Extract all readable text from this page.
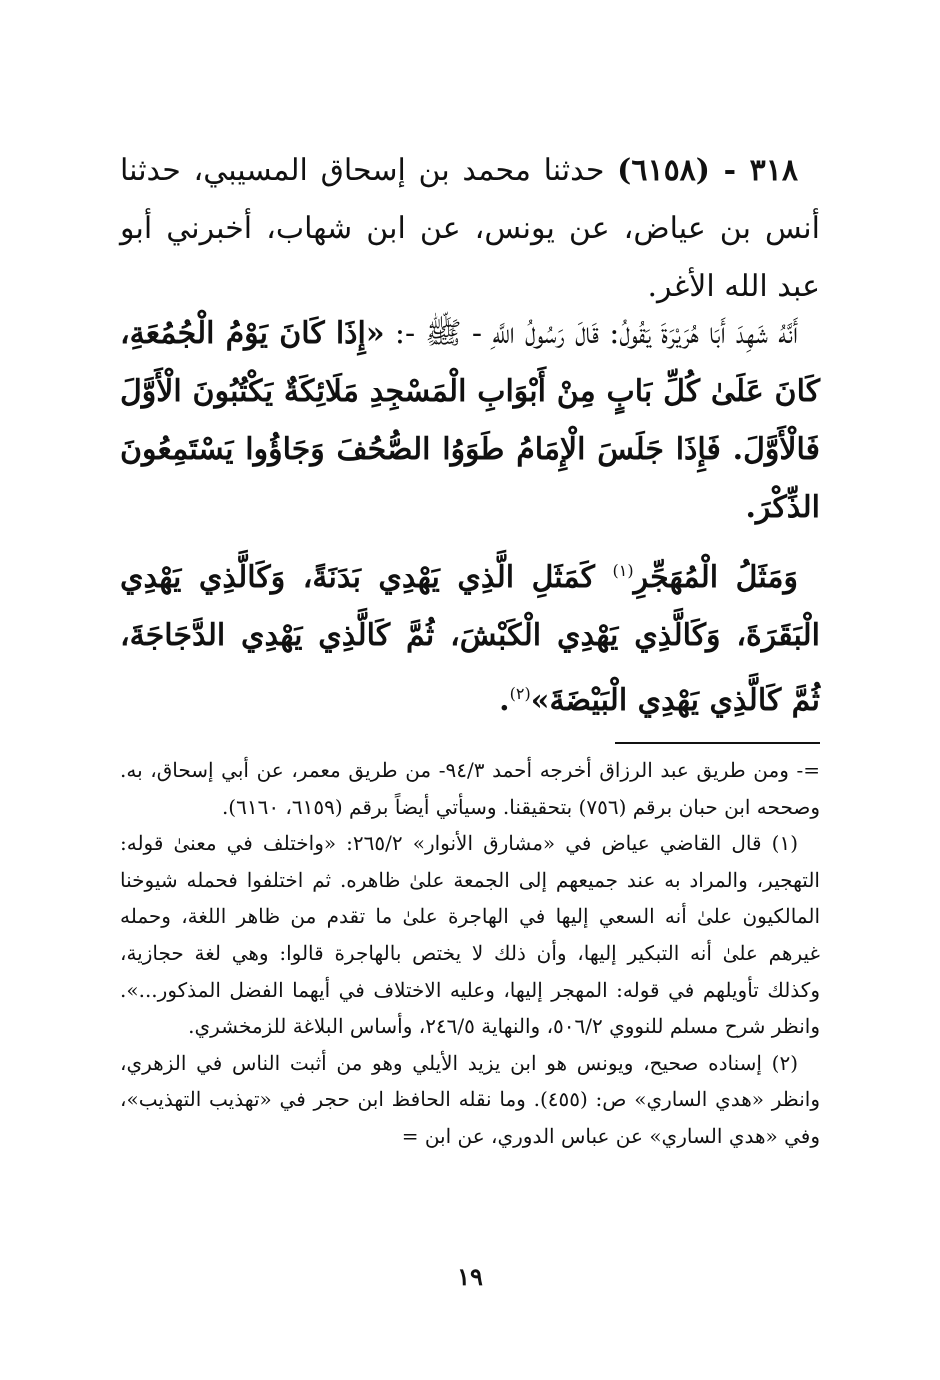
٣١٨ - (٦١٥٨) حدثنا محمد بن إسحاق المسيبي، حدثنا أنس بن عياض، عن يونس، عن ابن شهاب، أخبرني أبو عبد الله الأغر.

أَنَّهُ شَهِدَ أَبَا هُرَيْرَةَ يَقُولُ: قَالَ رَسُولُ اللَّهِ - ﷺ -: «إِذَا كَانَ يَوْمُ الْجُمُعَةِ، كَانَ عَلَىٰ كُلِّ بَابٍ مِنْ أَبْوَابِ الْمَسْجِدِ مَلَائِكَةٌ يَكْتُبُونَ الْأَوَّلَ فَالْأَوَّلَ. فَإِذَا جَلَسَ الْإِمَامُ طَوَوُا الصُّحُفَ وَجَاؤُوا يَسْتَمِعُونَ الذِّكْرَ.

وَمَثَلُ الْمُهَجِّرِ$^{(١)}$ كَمَثَلِ الَّذِي يَهْدِي بَدَنَةً، وَكَالَّذِي يَهْدِي الْبَقَرَةَ، وَكَالَّذِي يَهْدِي الْكَبْشَ، ثُمَّ كَالَّذِي يَهْدِي الدَّجَاجَةَ، ثُمَّ كَالَّذِي يَهْدِي الْبَيْضَةَ»$^{(٢)}$.

=- ومن طريق عبد الرزاق أخرجه أحمد ٩٤/٣- من طريق معمر، عن أبي إسحاق، به. وصححه ابن حبان برقم (٧٥٦) بتحقيقنا. وسيأتي أيضاً برقم (٦١٥٩، ٦١٦٠).

(١) قال القاضي عياض في «مشارق الأنوار» ٢٦٥/٢: «واختلف في معنىٰ قوله: التهجير، والمراد به عند جميعهم إلى الجمعة علىٰ ظاهره. ثم اختلفوا فحمله شيوخنا المالكيون علىٰ أنه السعي إليها في الهاجرة علىٰ ما تقدم من ظاهر اللغة، وحمله غيرهم علىٰ أنه التبكير إليها، وأن ذلك لا يختص بالهاجرة قالوا: وهي لغة حجازية، وكذلك تأويلهم في قوله: المهجر إليها، وعليه الاختلاف في أيهما الفضل المذكور...». وانظر شرح مسلم للنووي ٥٠٦/٢، والنهاية ٢٤٦/٥، وأساس البلاغة للزمخشري.

(٢) إسناده صحيح، ويونس هو ابن يزيد الأيلي وهو من أثبت الناس في الزهري، وانظر «هدي الساري» ص: (٤٥٥). وما نقله الحافظ ابن حجر في «تهذيب التهذيب»، وفي «هدي الساري» عن عباس الدوري، عن ابن =

١٩
